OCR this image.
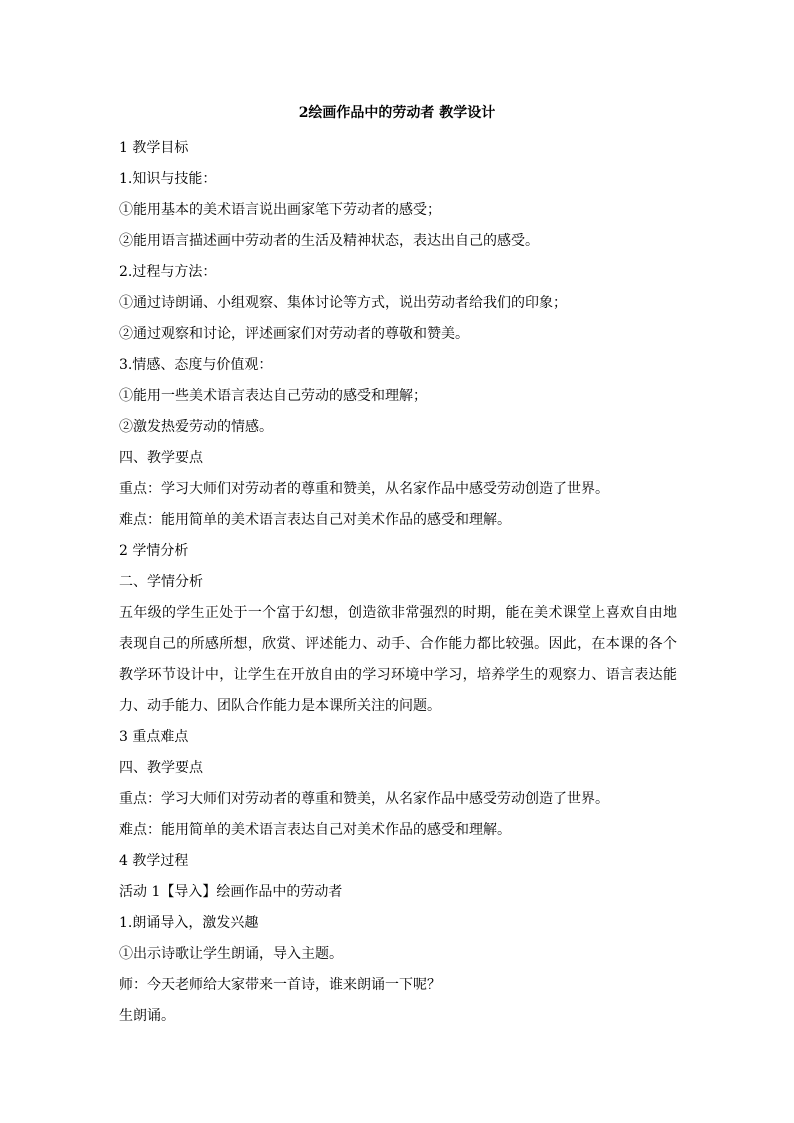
2绘画作品中的劳动者 教学设计
1 教学目标
1.知识与技能：
①能用基本的美术语言说出画家笔下劳动者的感受；
②能用语言描述画中劳动者的生活及精神状态，表达出自己的感受。
2.过程与方法：
①通过诗朗诵、小组观察、集体讨论等方式，说出劳动者给我们的印象；
②通过观察和讨论，评述画家们对劳动者的尊敬和赞美。
3.情感、态度与价值观：
①能用一些美术语言表达自己劳动的感受和理解；
②激发热爱劳动的情感。
四、教学要点
重点：学习大师们对劳动者的尊重和赞美，从名家作品中感受劳动创造了世界。
难点：能用简单的美术语言表达自己对美术作品的感受和理解。
2 学情分析
二、学情分析
五年级的学生正处于一个富于幻想，创造欲非常强烈的时期，能在美术课堂上喜欢自由地表现自己的所感所想，欣赏、评述能力、动手、合作能力都比较强。因此，在本课的各个教学环节设计中，让学生在开放自由的学习环境中学习，培养学生的观察力、语言表达能力、动手能力、团队合作能力是本课所关注的问题。
3 重点难点
四、教学要点
重点：学习大师们对劳动者的尊重和赞美，从名家作品中感受劳动创造了世界。
难点：能用简单的美术语言表达自己对美术作品的感受和理解。
4 教学过程
活动 1【导入】绘画作品中的劳动者
1.朗诵导入，激发兴趣
①出示诗歌让学生朗诵，导入主题。
师：今天老师给大家带来一首诗，谁来朗诵一下呢？
生朗诵。
